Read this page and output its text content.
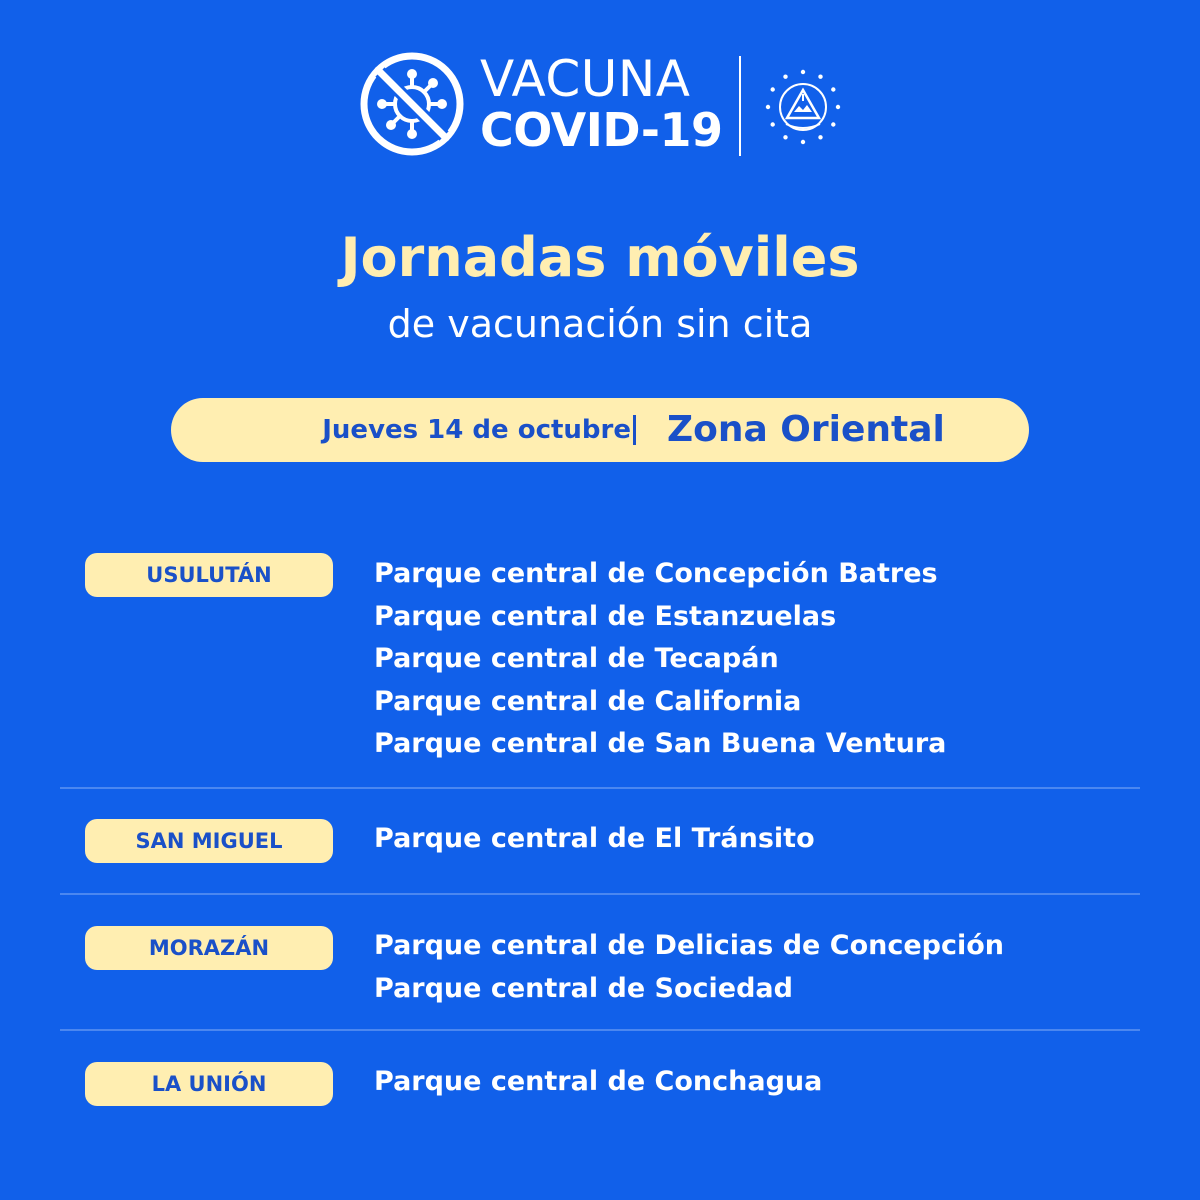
VACUNA
COVID-19
Jornadas móviles
de vacunación sin cita
Jueves 14 de octubre Zona Oriental
USULUTÁN	Parque central de Concepción Batres
Parque central de Estanzuelas
Parque central de Tecapán
Parque central de California
Parque central de San Buena Ventura
SAN MIGUEL	Parque central de El Tránsito
MORAZÁN	Parque central de Delicias de Concepción
Parque central de Sociedad
LA UNIÓN	Parque central de Conchagua
